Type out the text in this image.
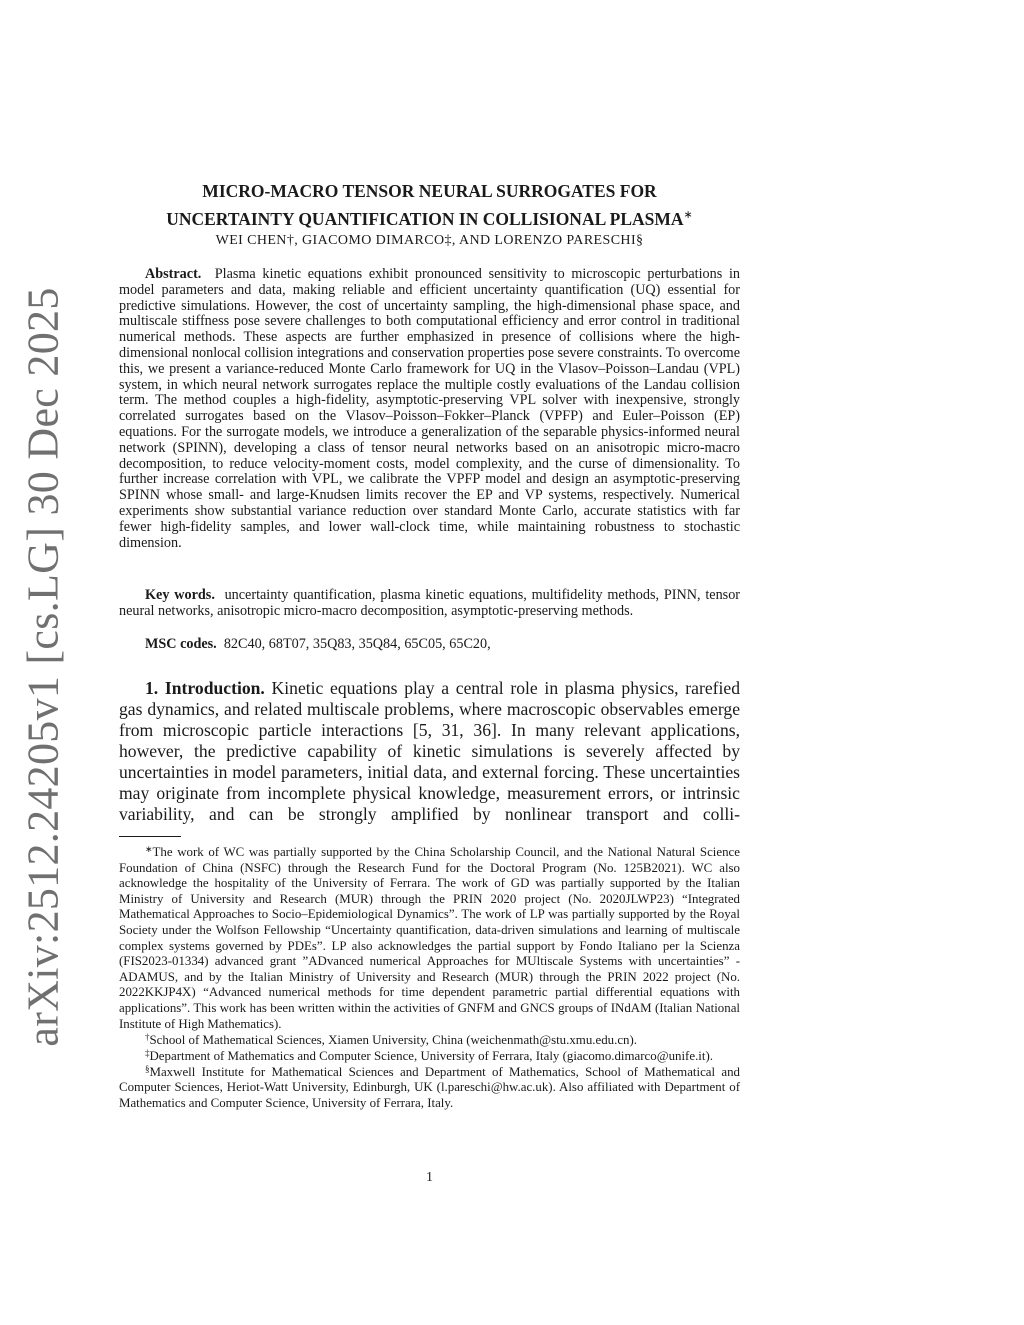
arXiv:2512.24205v1 [cs.LG] 30 Dec 2025
MICRO-MACRO TENSOR NEURAL SURROGATES FOR
UNCERTAINTY QUANTIFICATION IN COLLISIONAL PLASMA∗
WEI CHEN†, GIACOMO DIMARCO‡, AND LORENZO PARESCHI§
Abstract. Plasma kinetic equations exhibit pronounced sensitivity to microscopic perturbations in model parameters and data, making reliable and efficient uncertainty quantification (UQ) essential for predictive simulations. However, the cost of uncertainty sampling, the high-dimensional phase space, and multiscale stiffness pose severe challenges to both computational efficiency and error control in traditional numerical methods. These aspects are further emphasized in presence of collisions where the high-dimensional nonlocal collision integrations and conservation properties pose severe constraints. To overcome this, we present a variance-reduced Monte Carlo framework for UQ in the Vlasov–Poisson–Landau (VPL) system, in which neural network surrogates replace the multiple costly evaluations of the Landau collision term. The method couples a high-fidelity, asymptotic-preserving VPL solver with inexpensive, strongly correlated surrogates based on the Vlasov–Poisson–Fokker–Planck (VPFP) and Euler–Poisson (EP) equations. For the surrogate models, we introduce a generalization of the separable physics-informed neural network (SPINN), developing a class of tensor neural networks based on an anisotropic micro-macro decomposition, to reduce velocity-moment costs, model complexity, and the curse of dimensionality. To further increase correlation with VPL, we calibrate the VPFP model and design an asymptotic-preserving SPINN whose small- and large-Knudsen limits recover the EP and VP systems, respectively. Numerical experiments show substantial variance reduction over standard Monte Carlo, accurate statistics with far fewer high-fidelity samples, and lower wall-clock time, while maintaining robustness to stochastic dimension.
Key words. uncertainty quantification, plasma kinetic equations, multifidelity methods, PINN, tensor neural networks, anisotropic micro-macro decomposition, asymptotic-preserving methods.
MSC codes. 82C40, 68T07, 35Q83, 35Q84, 65C05, 65C20,
1. Introduction. Kinetic equations play a central role in plasma physics, rarefied gas dynamics, and related multiscale problems, where macroscopic observables emerge from microscopic particle interactions [5, 31, 36]. In many relevant applications, however, the predictive capability of kinetic simulations is severely affected by uncertainties in model parameters, initial data, and external forcing. These uncertainties may originate from incomplete physical knowledge, measurement errors, or intrinsic variability, and can be strongly amplified by nonlinear transport and colli-

∗The work of WC was partially supported by the China Scholarship Council, and the National Natural Science Foundation of China (NSFC) through the Research Fund for the Doctoral Program (No. 125B2021). WC also acknowledge the hospitality of the University of Ferrara. The work of GD was partially supported by the Italian Ministry of University and Research (MUR) through the PRIN 2020 project (No. 2020JLWP23) “Integrated Mathematical Approaches to Socio–Epidemiological Dynamics”. The work of LP was partially supported by the Royal Society under the Wolfson Fellowship “Uncertainty quantification, data-driven simulations and learning of multiscale complex systems governed by PDEs”. LP also acknowledges the partial support by Fondo Italiano per la Scienza (FIS2023-01334) advanced grant ”ADvanced numerical Approaches for MUltiscale Systems with uncertainties” - ADAMUS, and by the Italian Ministry of University and Research (MUR) through the PRIN 2022 project (No. 2022KKJP4X) “Advanced numerical methods for time dependent parametric partial differential equations with applications”. This work has been written within the activities of GNFM and GNCS groups of INdAM (Italian National Institute of High Mathematics).

†School of Mathematical Sciences, Xiamen University, China (weichenmath@stu.xmu.edu.cn).

‡Department of Mathematics and Computer Science, University of Ferrara, Italy (giacomo.dimarco@unife.it).

§Maxwell Institute for Mathematical Sciences and Department of Mathematics, School of Mathematical and Computer Sciences, Heriot-Watt University, Edinburgh, UK (l.pareschi@hw.ac.uk). Also affiliated with Department of Mathematics and Computer Science, University of Ferrara, Italy.

1
